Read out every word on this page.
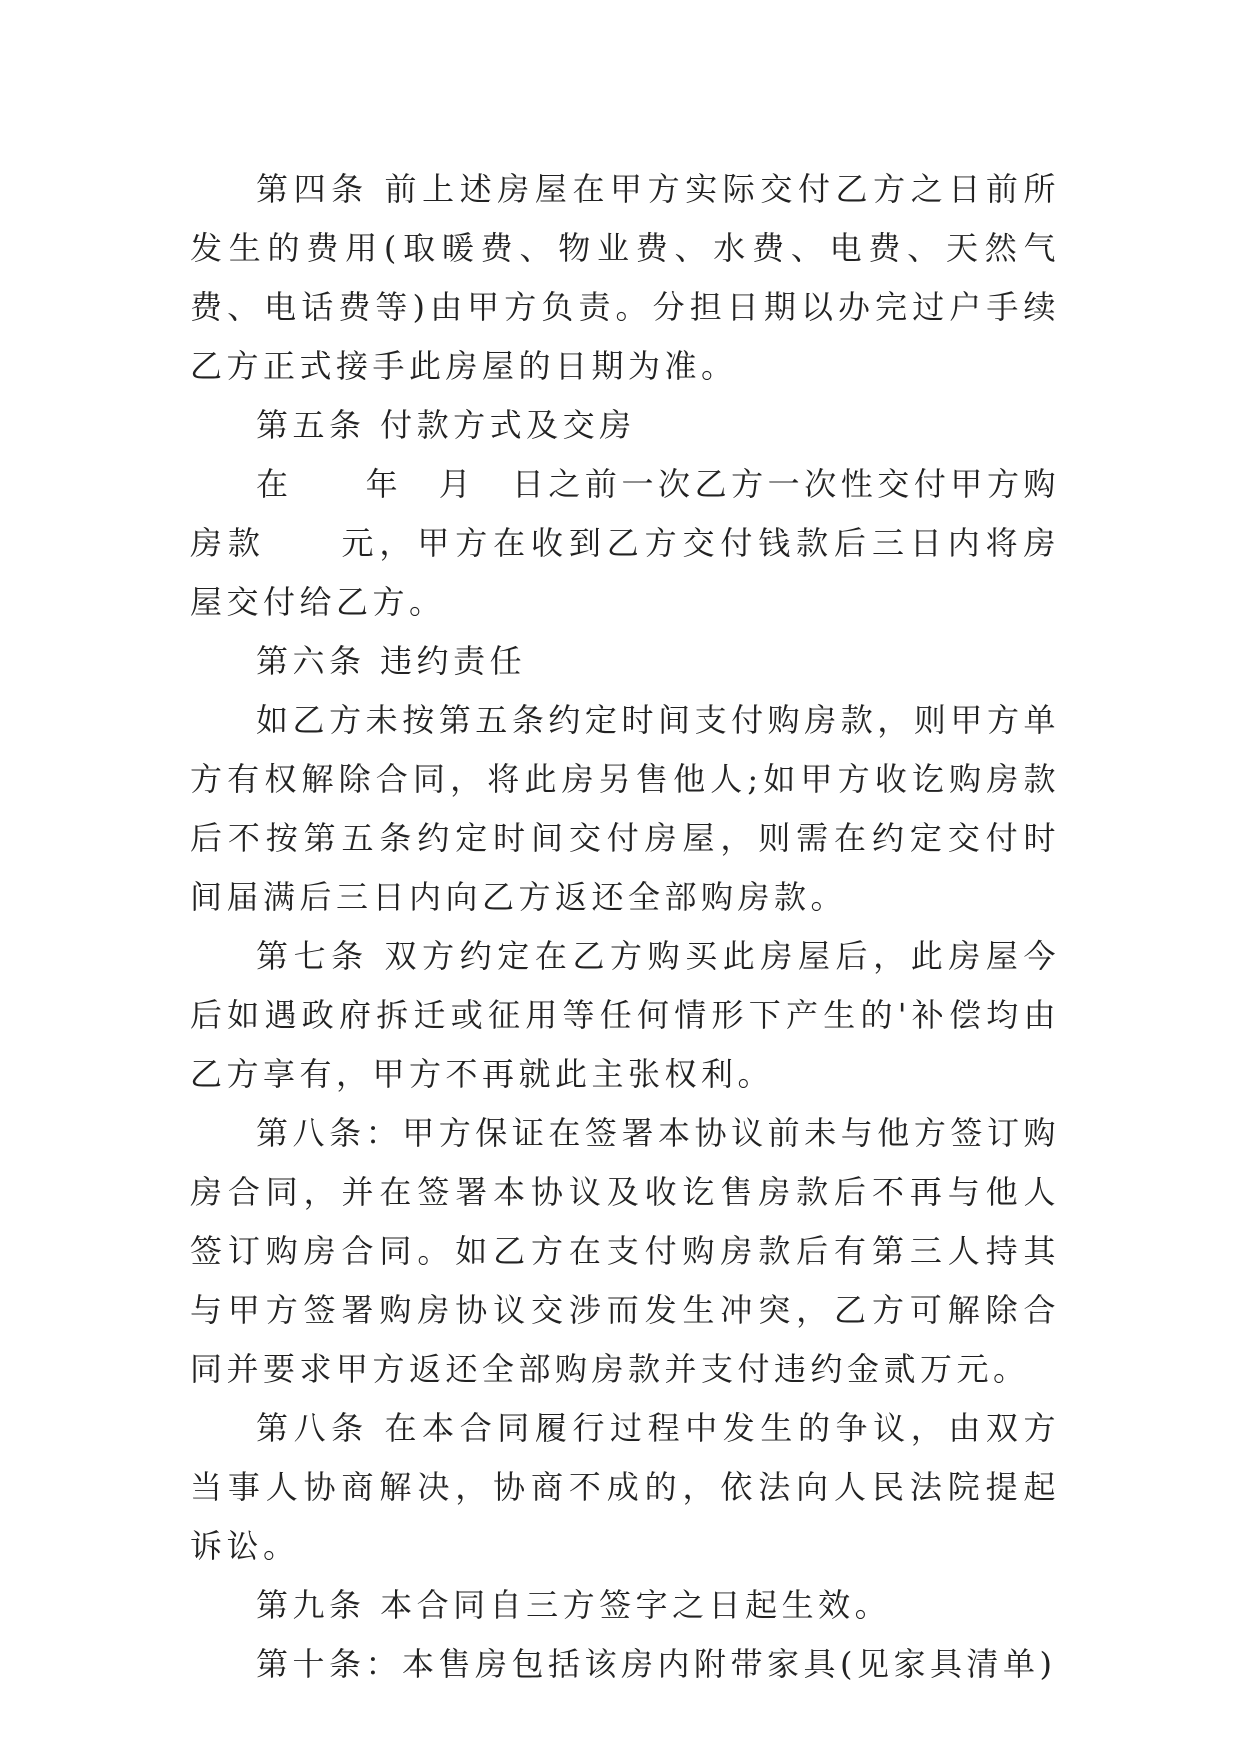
第四条 前上述房屋在甲方实际交付乙方之日前所发生的费用(取暖费、物业费、水费、电费、天然气费、电话费等)由甲方负责。分担日期以办完过户手续乙方正式接手此房屋的日期为准。

第五条 付款方式及交房

在　　年　月　日之前一次乙方一次性交付甲方购房款　　元，甲方在收到乙方交付钱款后三日内将房屋交付给乙方。

第六条 违约责任

如乙方未按第五条约定时间支付购房款，则甲方单方有权解除合同，将此房另售他人;如甲方收讫购房款后不按第五条约定时间交付房屋，则需在约定交付时间届满后三日内向乙方返还全部购房款。

第七条 双方约定在乙方购买此房屋后，此房屋今后如遇政府拆迁或征用等任何情形下产生的'补偿均由乙方享有，甲方不再就此主张权利。

第八条：甲方保证在签署本协议前未与他方签订购房合同，并在签署本协议及收讫售房款后不再与他人签订购房合同。如乙方在支付购房款后有第三人持其与甲方签署购房协议交涉而发生冲突，乙方可解除合同并要求甲方返还全部购房款并支付违约金贰万元。

第八条 在本合同履行过程中发生的争议，由双方当事人协商解决，协商不成的，依法向人民法院提起诉讼。

第九条 本合同自三方签字之日起生效。

第十条：本售房包括该房内附带家具(见家具清单)
